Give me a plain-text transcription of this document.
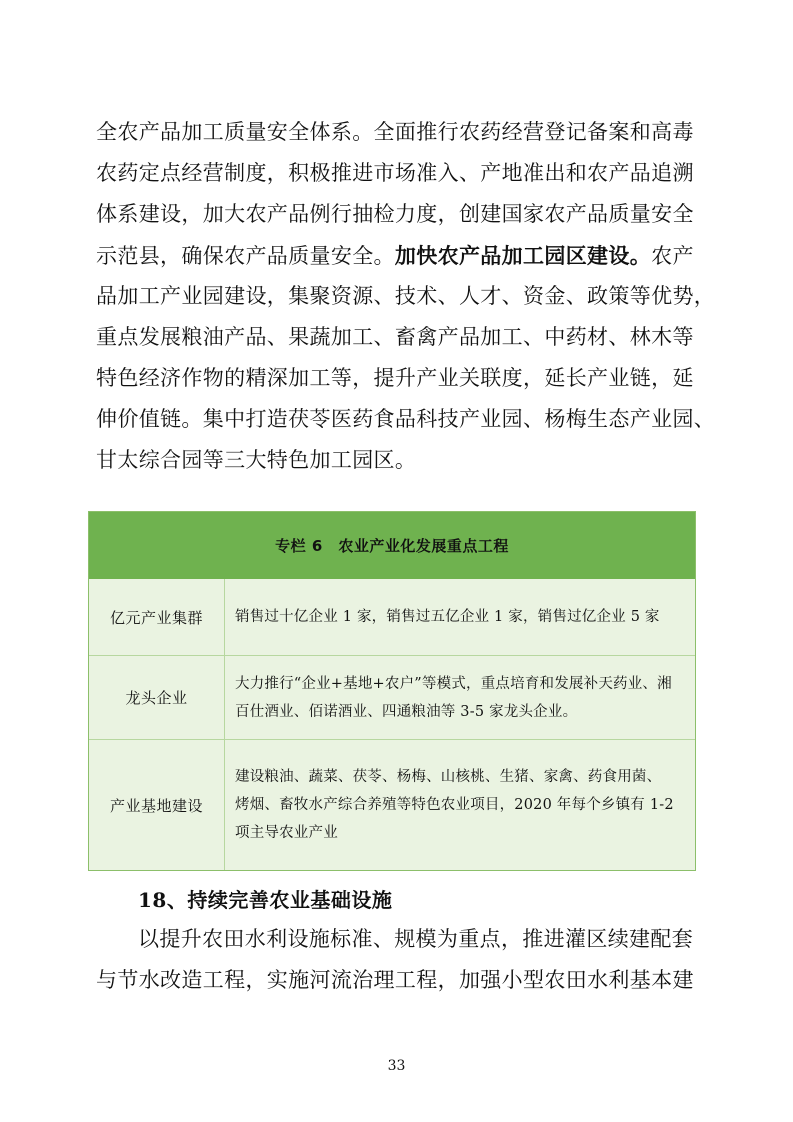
全农产品加工质量安全体系。全面推行农药经营登记备案和高毒
农药定点经营制度，积极推进市场准入、产地准出和农产品追溯
体系建设，加大农产品例行抽检力度，创建国家农产品质量安全
示范县，确保农产品质量安全。加快农产品加工园区建设。农产
品加工产业园建设，集聚资源、技术、人才、资金、政策等优势，
重点发展粮油产品、果蔬加工、畜禽产品加工、中药材、林木等
特色经济作物的精深加工等，提升产业关联度，延长产业链，延
伸价值链。集中打造茯苓医药食品科技产业园、杨梅生态产业园、
甘太综合园等三大特色加工园区。
专栏 6　农业产业化发展重点工程
亿元产业集群	销售过十亿企业 1 家，销售过五亿企业 1 家，销售过亿企业 5 家
龙头企业
大力推行“企业+基地+农户”等模式，重点培育和发展补天药业、湘
百仕酒业、佰诺酒业、四通粮油等 3-5 家龙头企业。
产业基地建设
建设粮油、蔬菜、茯苓、杨梅、山核桃、生猪、家禽、药食用菌、
烤烟、畜牧水产综合养殖等特色农业项目，2020 年每个乡镇有 1-2
项主导农业产业
18、持续完善农业基础设施
以提升农田水利设施标准、规模为重点，推进灌区续建配套
与节水改造工程，实施河流治理工程，加强小型农田水利基本建
33
